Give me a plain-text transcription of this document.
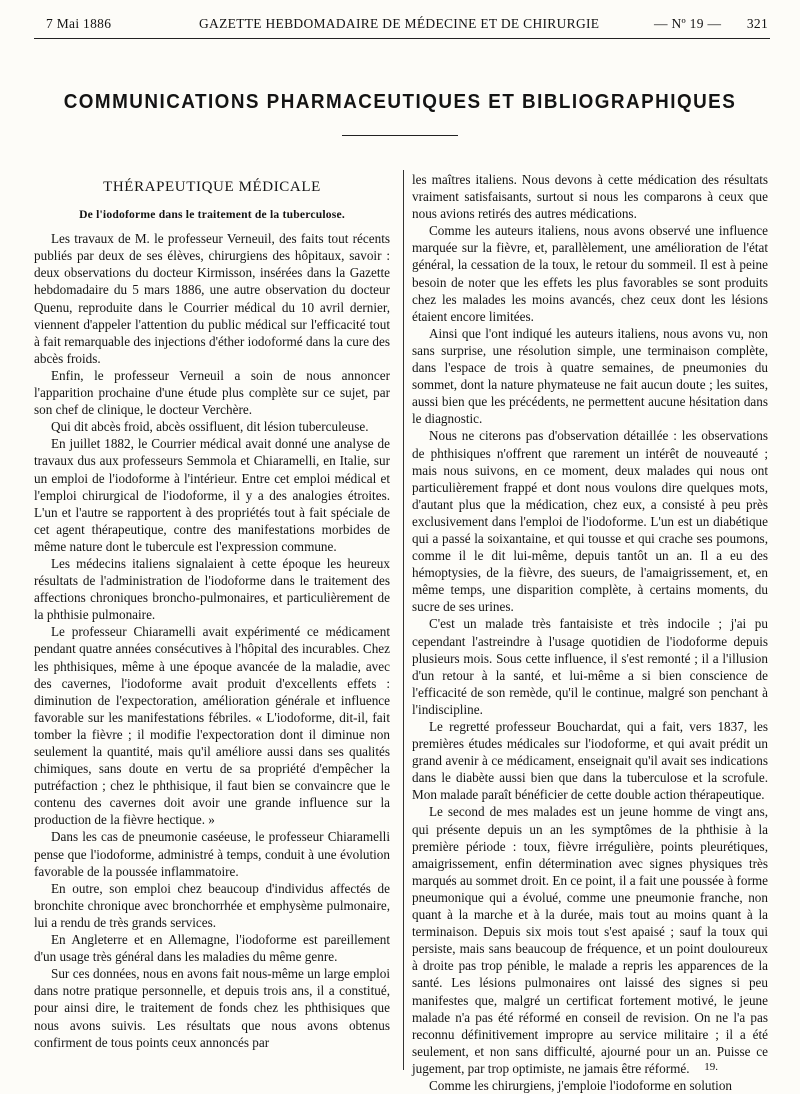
7 Mai 1886	GAZETTE HEBDOMADAIRE DE MÉDECINE ET DE CHIRURGIE	— Nº 19 — 321
COMMUNICATIONS PHARMACEUTIQUES ET BIBLIOGRAPHIQUES
THÉRAPEUTIQUE MÉDICALE
De l'iodoforme dans le traitement de la tuberculose.

Les travaux de M. le professeur Verneuil, des faits tout récents publiés par deux de ses élèves, chirurgiens des hôpitaux, savoir : deux observations du docteur Kirmisson, insérées dans la Gazette hebdomadaire du 5 mars 1886, une autre observation du docteur Quenu, reproduite dans le Courrier médical du 10 avril dernier, viennent d'appeler l'attention du public médical sur l'efficacité tout à fait remarquable des injections d'éther iodoformé dans la cure des abcès froids.

Enfin, le professeur Verneuil a soin de nous annoncer l'apparition prochaine d'une étude plus complète sur ce sujet, par son chef de clinique, le docteur Verchère.

Qui dit abcès froid, abcès ossifluent, dit lésion tuberculeuse.

En juillet 1882, le Courrier médical avait donné une analyse de travaux dus aux professeurs Semmola et Chiaramelli, en Italie, sur un emploi de l'iodoforme à l'intérieur. Entre cet emploi médical et l'emploi chirurgical de l'iodoforme, il y a des analogies étroites. L'un et l'autre se rapportent à des propriétés tout à fait spéciale de cet agent thérapeutique, contre des manifestations morbides de même nature dont le tubercule est l'expression commune.

Les médecins italiens signalaient à cette époque les heureux résultats de l'administration de l'iodoforme dans le traitement des affections chroniques broncho-pulmonaires, et particulièrement de la phthisie pulmonaire.

Le professeur Chiaramelli avait expérimenté ce médicament pendant quatre années consécutives à l'hôpital des incurables. Chez les phthisiques, même à une époque avancée de la maladie, avec des cavernes, l'iodoforme avait produit d'excellents effets : diminution de l'expectoration, amélioration générale et influence favorable sur les manifestations fébriles. « L'iodoforme, dit-il, fait tomber la fièvre ; il modifie l'expectoration dont il diminue non seulement la quantité, mais qu'il améliore aussi dans ses qualités chimiques, sans doute en vertu de sa propriété d'empêcher la putréfaction ; chez le phthisique, il faut bien se convaincre que le contenu des cavernes doit avoir une grande influence sur la production de la fièvre hectique. »

Dans les cas de pneumonie caséeuse, le professeur Chiaramelli pense que l'iodoforme, administré à temps, conduit à une évolution favorable de la poussée inflammatoire.

En outre, son emploi chez beaucoup d'individus affectés de bronchite chronique avec bronchorrhée et emphysème pulmonaire, lui a rendu de très grands services.

En Angleterre et en Allemagne, l'iodoforme est pareillement d'un usage très général dans les maladies du même genre.

Sur ces données, nous en avons fait nous-même un large emploi dans notre pratique personnelle, et depuis trois ans, il a constitué, pour ainsi dire, le traitement de fonds chez les phthisiques que nous avons suivis. Les résultats que nous avons obtenus confirment de tous points ceux annoncés par

les maîtres italiens. Nous devons à cette médication des résultats vraiment satisfaisants, surtout si nous les comparons à ceux que nous avions retirés des autres médications.

Comme les auteurs italiens, nous avons observé une influence marquée sur la fièvre, et, parallèlement, une amélioration de l'état général, la cessation de la toux, le retour du sommeil. Il est à peine besoin de noter que les effets les plus favorables se sont produits chez les malades les moins avancés, chez ceux dont les lésions étaient encore limitées.

Ainsi que l'ont indiqué les auteurs italiens, nous avons vu, non sans surprise, une résolution simple, une terminaison complète, dans l'espace de trois à quatre semaines, de pneumonies du sommet, dont la nature phymateuse ne fait aucun doute ; les suites, aussi bien que les précédents, ne permettent aucune hésitation dans le diagnostic.

Nous ne citerons pas d'observation détaillée : les observations de phthisiques n'offrent que rarement un intérêt de nouveauté ; mais nous suivons, en ce moment, deux malades qui nous ont particulièrement frappé et dont nous voulons dire quelques mots, d'autant plus que la médication, chez eux, a consisté à peu près exclusivement dans l'emploi de l'iodoforme. L'un est un diabétique qui a passé la soixantaine, et qui tousse et qui crache ses poumons, comme il le dit lui-même, depuis tantôt un an. Il a eu des hémoptysies, de la fièvre, des sueurs, de l'amaigrissement, et, en même temps, une disparition complète, à certains moments, du sucre de ses urines.

C'est un malade très fantaisiste et très indocile ; j'ai pu cependant l'astreindre à l'usage quotidien de l'iodoforme depuis plusieurs mois. Sous cette influence, il s'est remonté ; il a l'illusion d'un retour à la santé, et lui-même a si bien conscience de l'efficacité de son remède, qu'il le continue, malgré son penchant à l'indiscipline.

Le regretté professeur Bouchardat, qui a fait, vers 1837, les premières études médicales sur l'iodoforme, et qui avait prédit un grand avenir à ce médicament, enseignait qu'il avait ses indications dans le diabète aussi bien que dans la tuberculose et la scrofule. Mon malade paraît bénéficier de cette double action thérapeutique.

Le second de mes malades est un jeune homme de vingt ans, qui présente depuis un an les symptômes de la phthisie à la première période : toux, fièvre irrégulière, points pleurétiques, amaigrissement, enfin détermination avec signes physiques très marqués au sommet droit. En ce point, il a fait une poussée à forme pneumonique qui a évolué, comme une pneumonie franche, non quant à la marche et à la durée, mais tout au moins quant à la terminaison. Depuis six mois tout s'est apaisé ; sauf la toux qui persiste, mais sans beaucoup de fréquence, et un point douloureux à droite pas trop pénible, le malade a repris les apparences de la santé. Les lésions pulmonaires ont laissé des signes si peu manifestes que, malgré un certificat fortement motivé, le jeune malade n'a pas été réformé en conseil de revision. On ne l'a pas reconnu définitivement impropre au service militaire ; il a été seulement, et non sans difficulté, ajourné pour un an. Puisse ce jugement, par trop optimiste, ne jamais être réformé.

Comme les chirurgiens, j'emploie l'iodoforme en solution

19.
